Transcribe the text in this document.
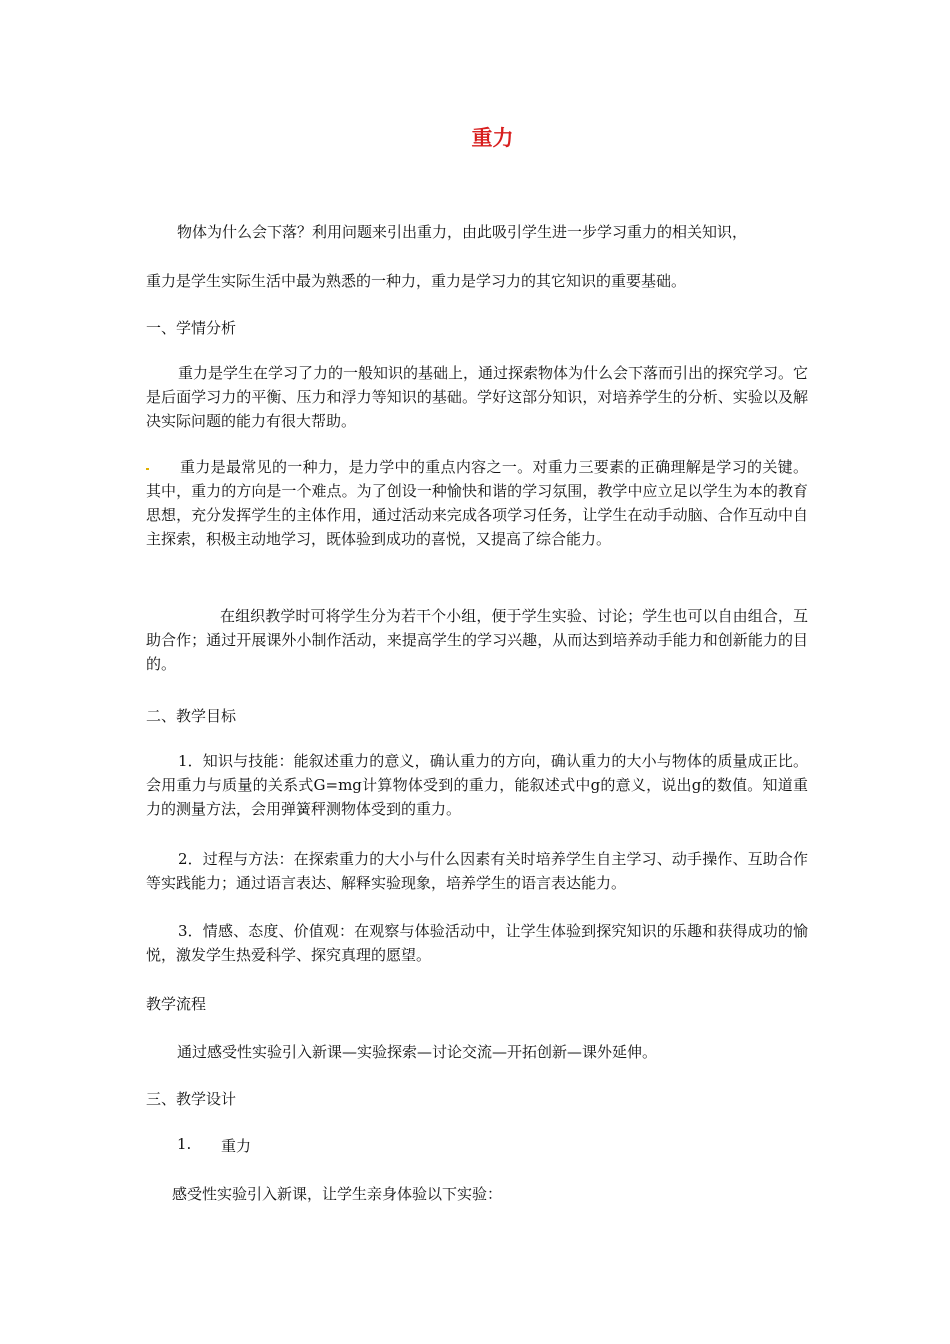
重力
物体为什么会下落？利用问题来引出重力，由此吸引学生进一步学习重力的相关知识，
重力是学生实际生活中最为熟悉的一种力，重力是学习力的其它知识的重要基础。
一、学情分析
重力是学生在学习了力的一般知识的基础上，通过探索物体为什么会下落而引出的探究学习。它是后面学习力的平衡、压力和浮力等知识的基础。学好这部分知识，对培养学生的分析、实验以及解决实际问题的能力有很大帮助。
重力是最常见的一种力，是力学中的重点内容之一。对重力三要素的正确理解是学习的关键。其中，重力的方向是一个难点。为了创设一种愉快和谐的学习氛围，教学中应立足以学生为本的教育思想，充分发挥学生的主体作用，通过活动来完成各项学习任务，让学生在动手动脑、合作互动中自主探索，积极主动地学习，既体验到成功的喜悦，又提高了综合能力。
在组织教学时可将学生分为若干个小组，便于学生实验、讨论；学生也可以自由组合，互助合作；通过开展课外小制作活动，来提高学生的学习兴趣，从而达到培养动手能力和创新能力的目的。
二、教学目标
1．知识与技能：能叙述重力的意义，确认重力的方向，确认重力的大小与物体的质量成正比。会用重力与质量的关系式G=mg计算物体受到的重力，能叙述式中g的意义，说出g的数值。知道重力的测量方法，会用弹簧秤测物体受到的重力。
2．过程与方法：在探索重力的大小与什么因素有关时培养学生自主学习、动手操作、互助合作等实践能力；通过语言表达、解释实验现象，培养学生的语言表达能力。
3．情感、态度、价值观：在观察与体验活动中，让学生体验到探究知识的乐趣和获得成功的愉悦，激发学生热爱科学、探究真理的愿望。
教学流程
通过感受性实验引入新课—实验探索—讨论交流—开拓创新—课外延伸。
三、教学设计
1. 重力
感受性实验引入新课，让学生亲身体验以下实验：
